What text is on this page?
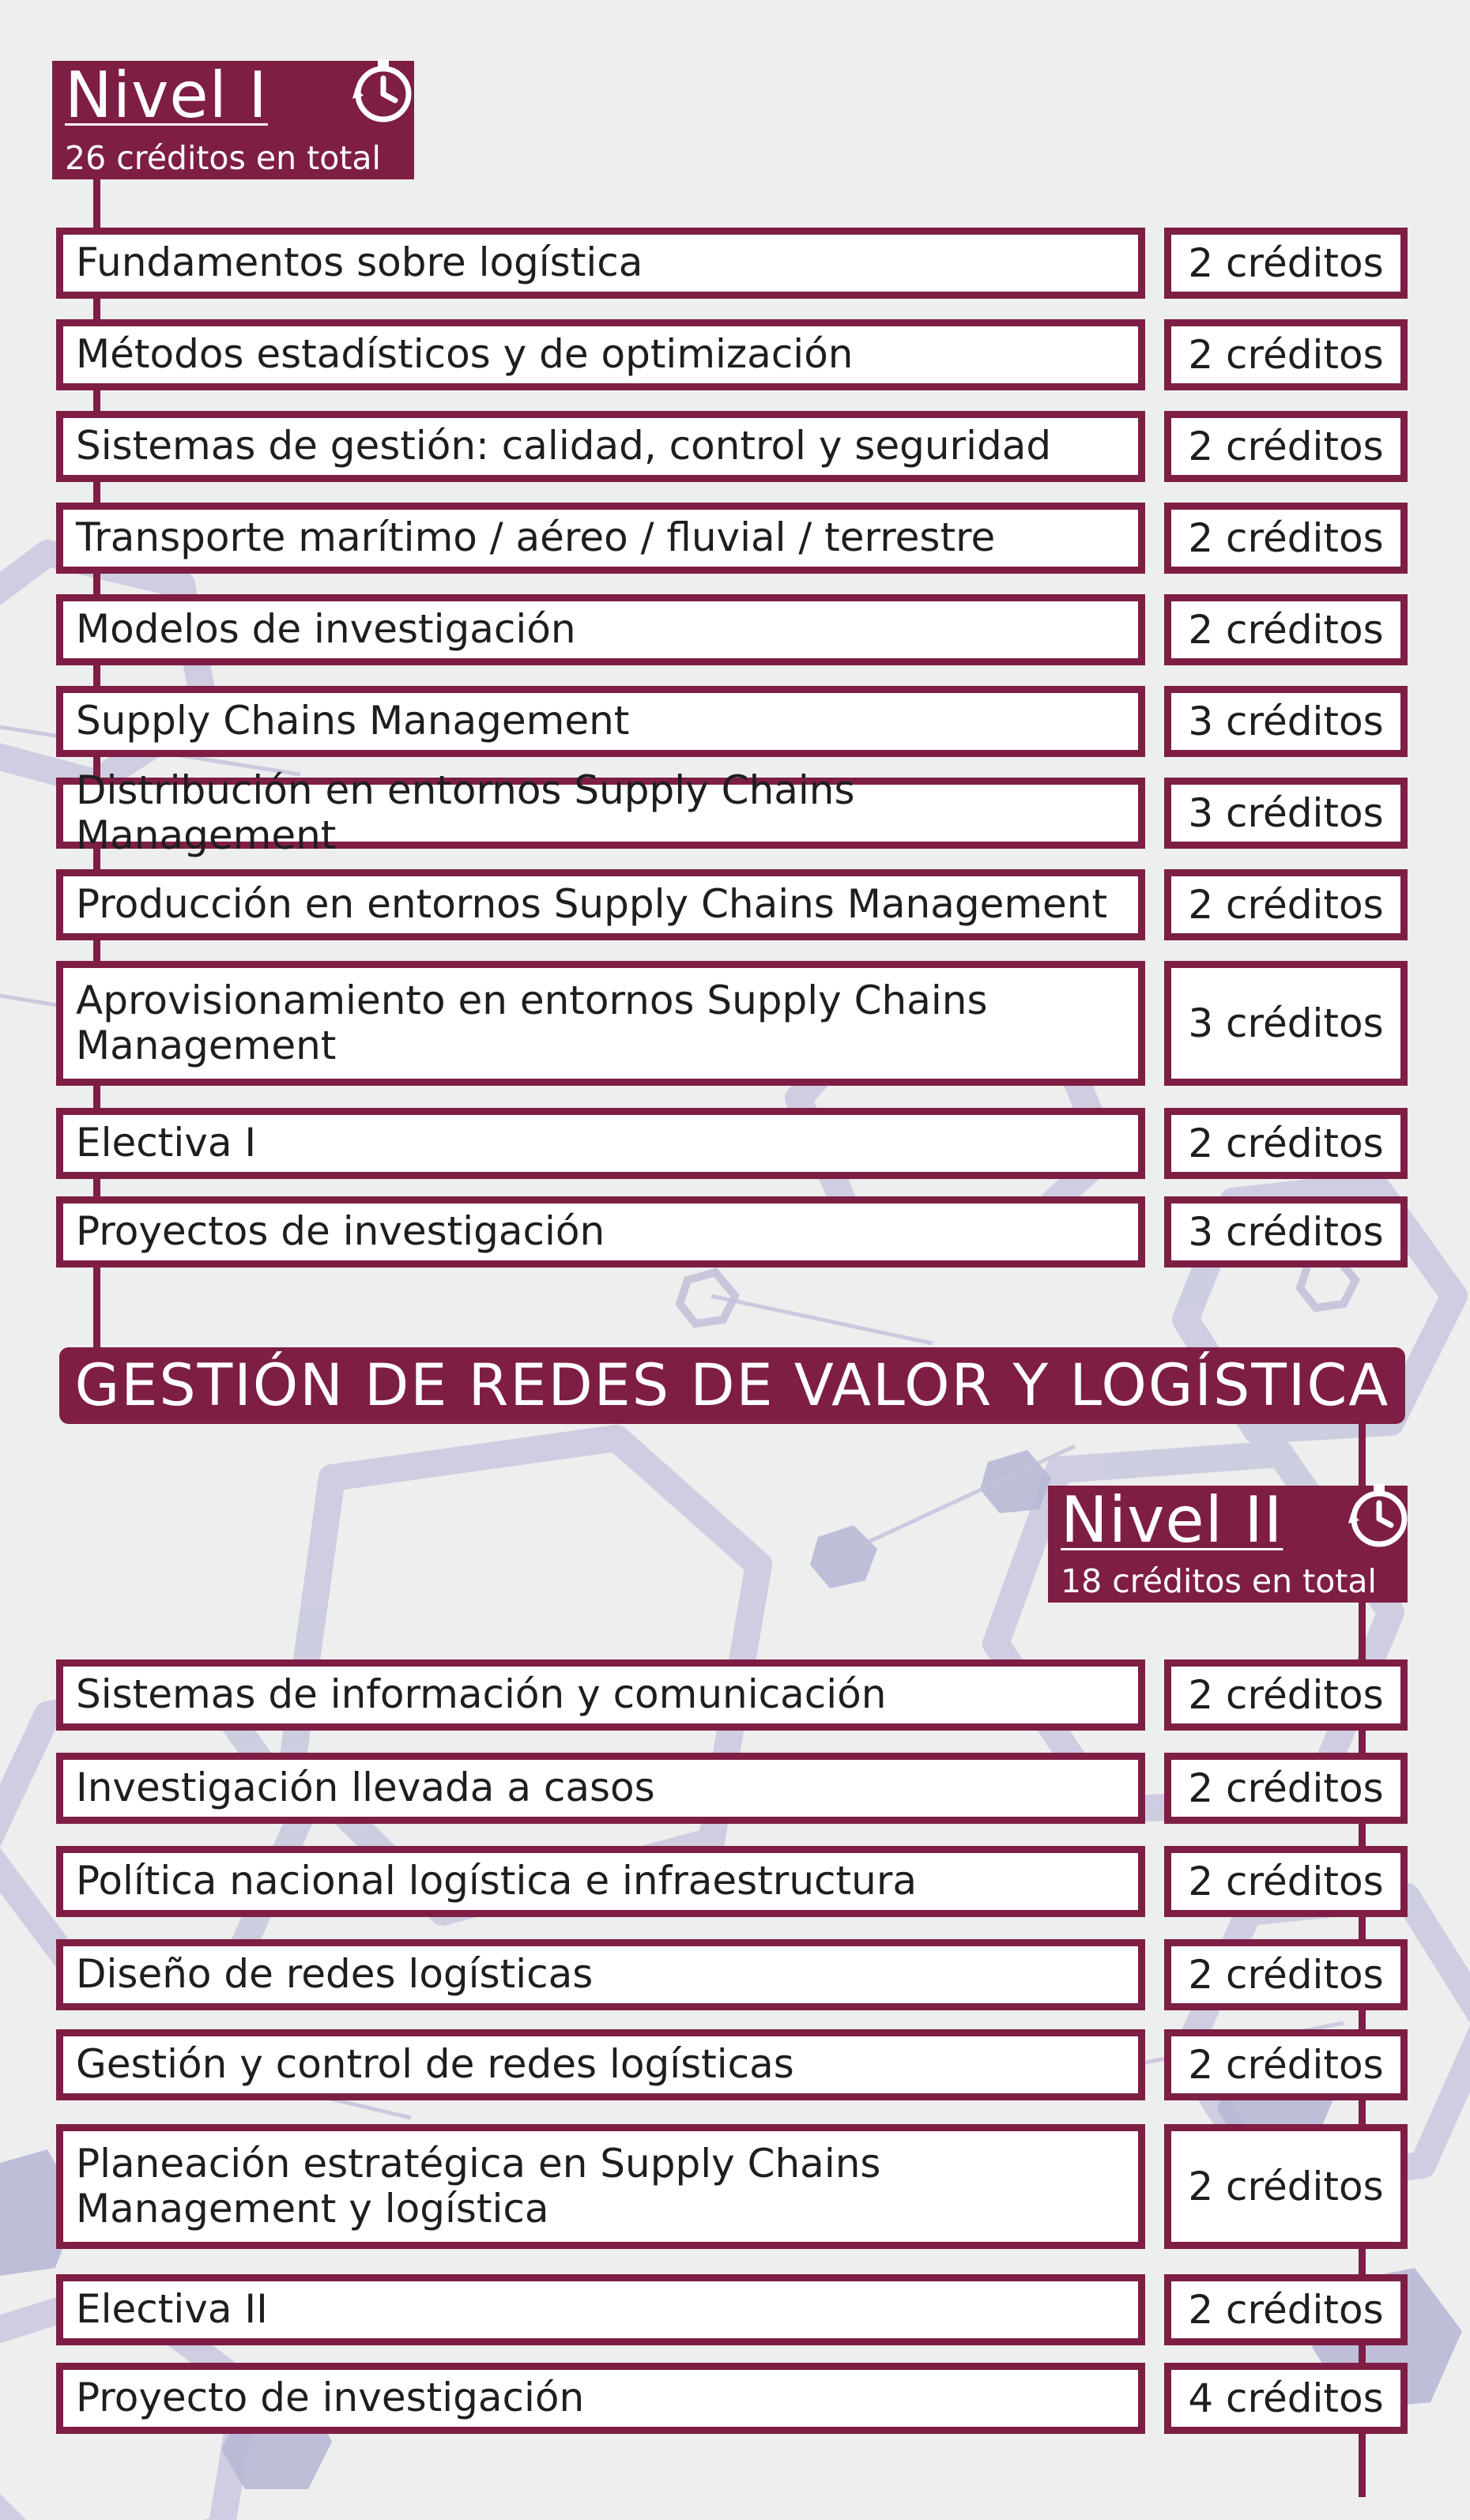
Nivel I
26 créditos en total
Fundamentos sobre logística	2 créditos
Métodos estadísticos y de optimización	2 créditos
Sistemas de gestión: calidad, control y seguridad	2 créditos
Transporte marítimo / aéreo / fluvial / terrestre	2 créditos
Modelos de investigación	2 créditos
Supply Chains Management	3 créditos
Distribución en entornos Supply Chains Management	3 créditos
Producción en entornos Supply Chains Management	2 créditos
Aprovisionamiento en entornos Supply Chains Management	3 créditos
Electiva I	2 créditos
Proyectos de investigación	3 créditos
GESTIÓN DE REDES DE VALOR Y LOGÍSTICA
Nivel II
18 créditos en total
Sistemas de información y comunicación	2 créditos
Investigación llevada a casos	2 créditos
Política nacional logística e infraestructura	2 créditos
Diseño de redes logísticas	2 créditos
Gestión y control de redes logísticas	2 créditos
Planeación estratégica en Supply Chains Management y logística	2 créditos
Electiva II	2 créditos
Proyecto de investigación	4 créditos
